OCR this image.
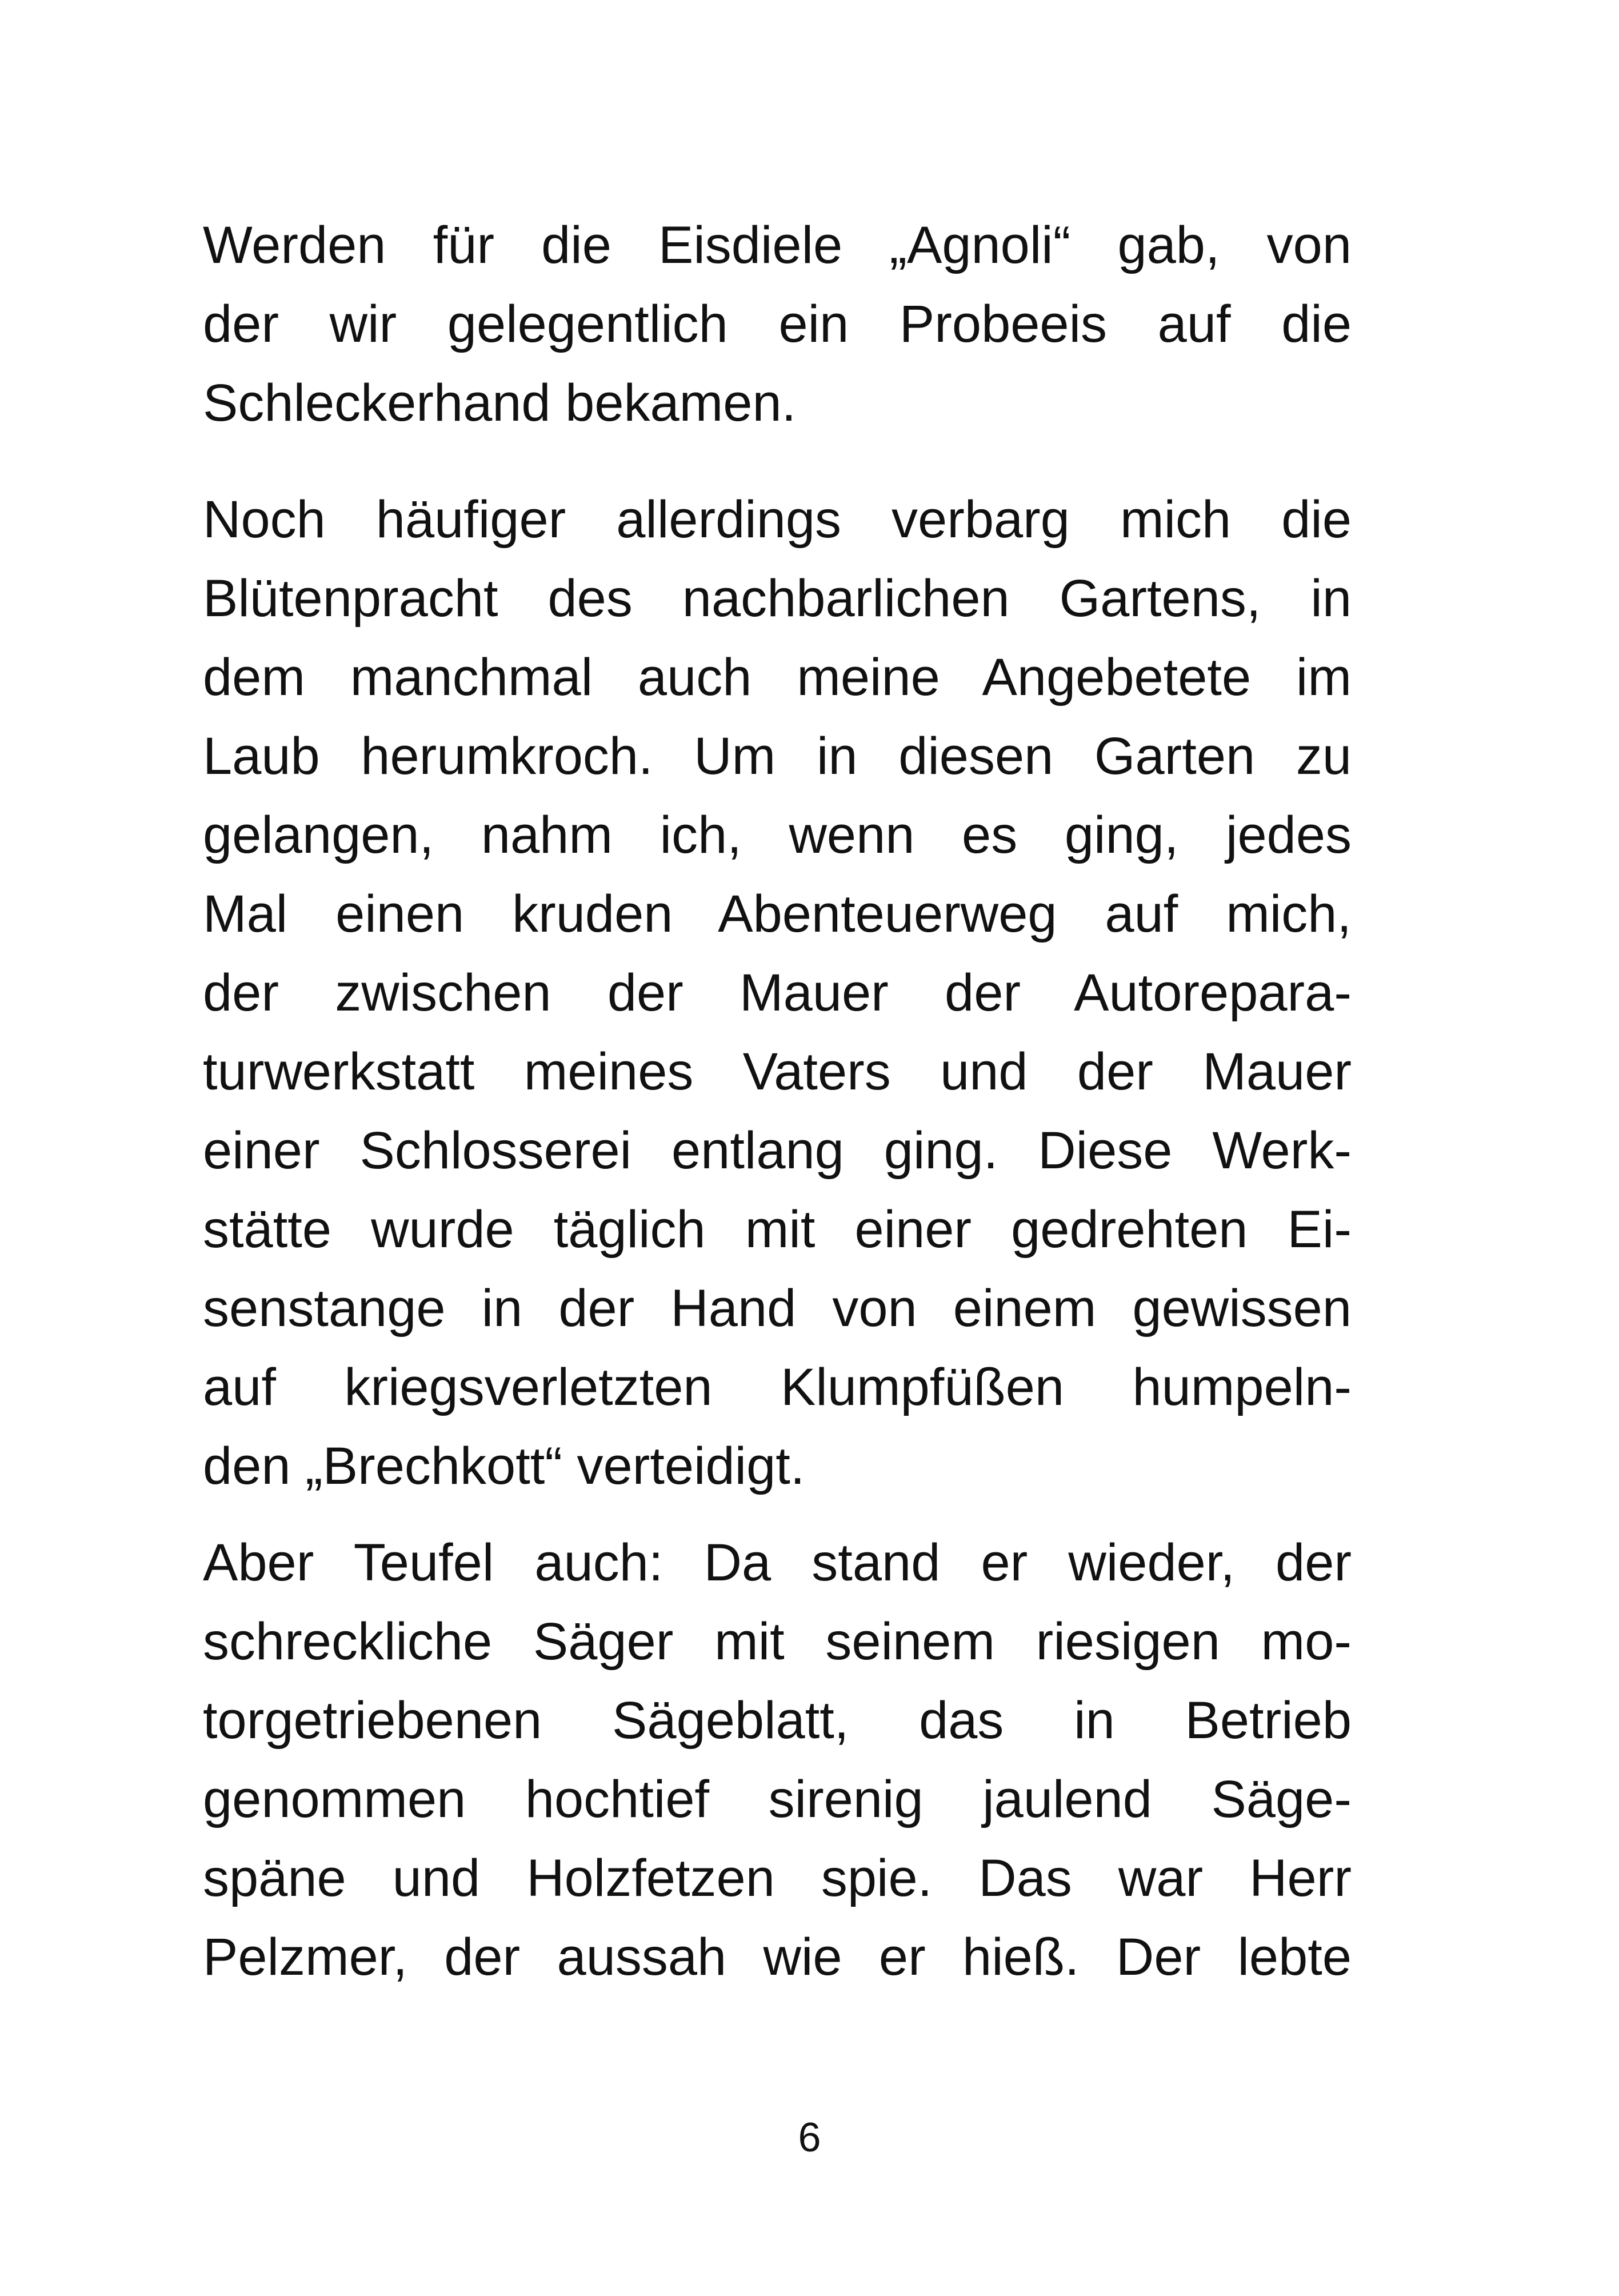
Werden für die Eisdiele „Agnoli“ gab, von
der wir gelegentlich ein Probeeis auf die
Schleckerhand bekamen.
Noch häufiger allerdings verbarg mich die
Blütenpracht des nachbarlichen Gartens, in
dem manchmal auch meine Angebetete im
Laub herumkroch. Um in diesen Garten zu
gelangen, nahm ich, wenn es ging, jedes
Mal einen kruden Abenteuerweg auf mich,
der zwischen der Mauer der Autorepara-
turwerkstatt meines Vaters und der Mauer
einer Schlosserei entlang ging. Diese Werk-
stätte wurde täglich mit einer gedrehten Ei-
senstange in der Hand von einem gewissen
auf kriegsverletzten Klumpfüßen humpeln-
den „Brechkott“ verteidigt.
Aber Teufel auch: Da stand er wieder, der
schreckliche Säger mit seinem riesigen mo-
torgetriebenen Sägeblatt, das in Betrieb
genommen hochtief sirenig jaulend Säge-
späne und Holzfetzen spie. Das war Herr
Pelzmer, der aussah wie er hieß. Der lebte
6
